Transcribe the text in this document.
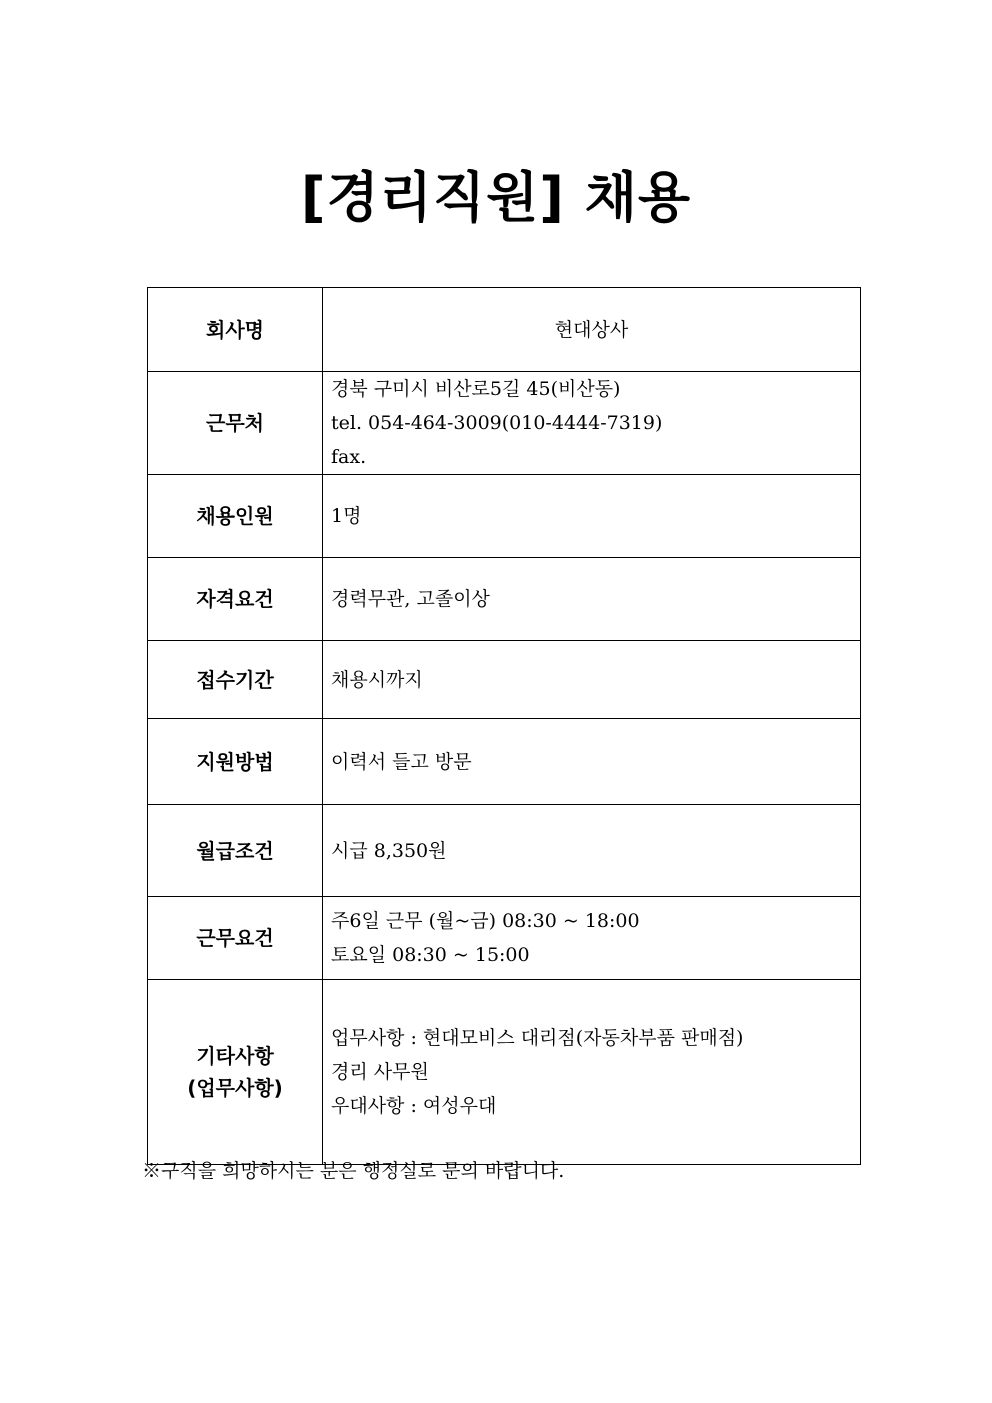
[경리직원] 채용
회사명	현대상사

근무처	경북 구미시 비산로5길 45(비산동)
tel. 054-464-3009(010-4444-7319)
fax.

채용인원	1명

자격요건	경력무관, 고졸이상

접수기간	채용시까지

지원방법	이력서 들고 방문

월급조건	시급 8,350원

근무요건	주6일 근무 (월~금) 08:30 ~ 18:00
토요일 08:30 ~ 15:00

기타사항
(업무사항)	업무사항 : 현대모비스 대리점(자동차부품 판매점)
경리 사무원
우대사항 : 여성우대
※구직을 희망하시는 분은 행정실로 문의 바랍니다.
